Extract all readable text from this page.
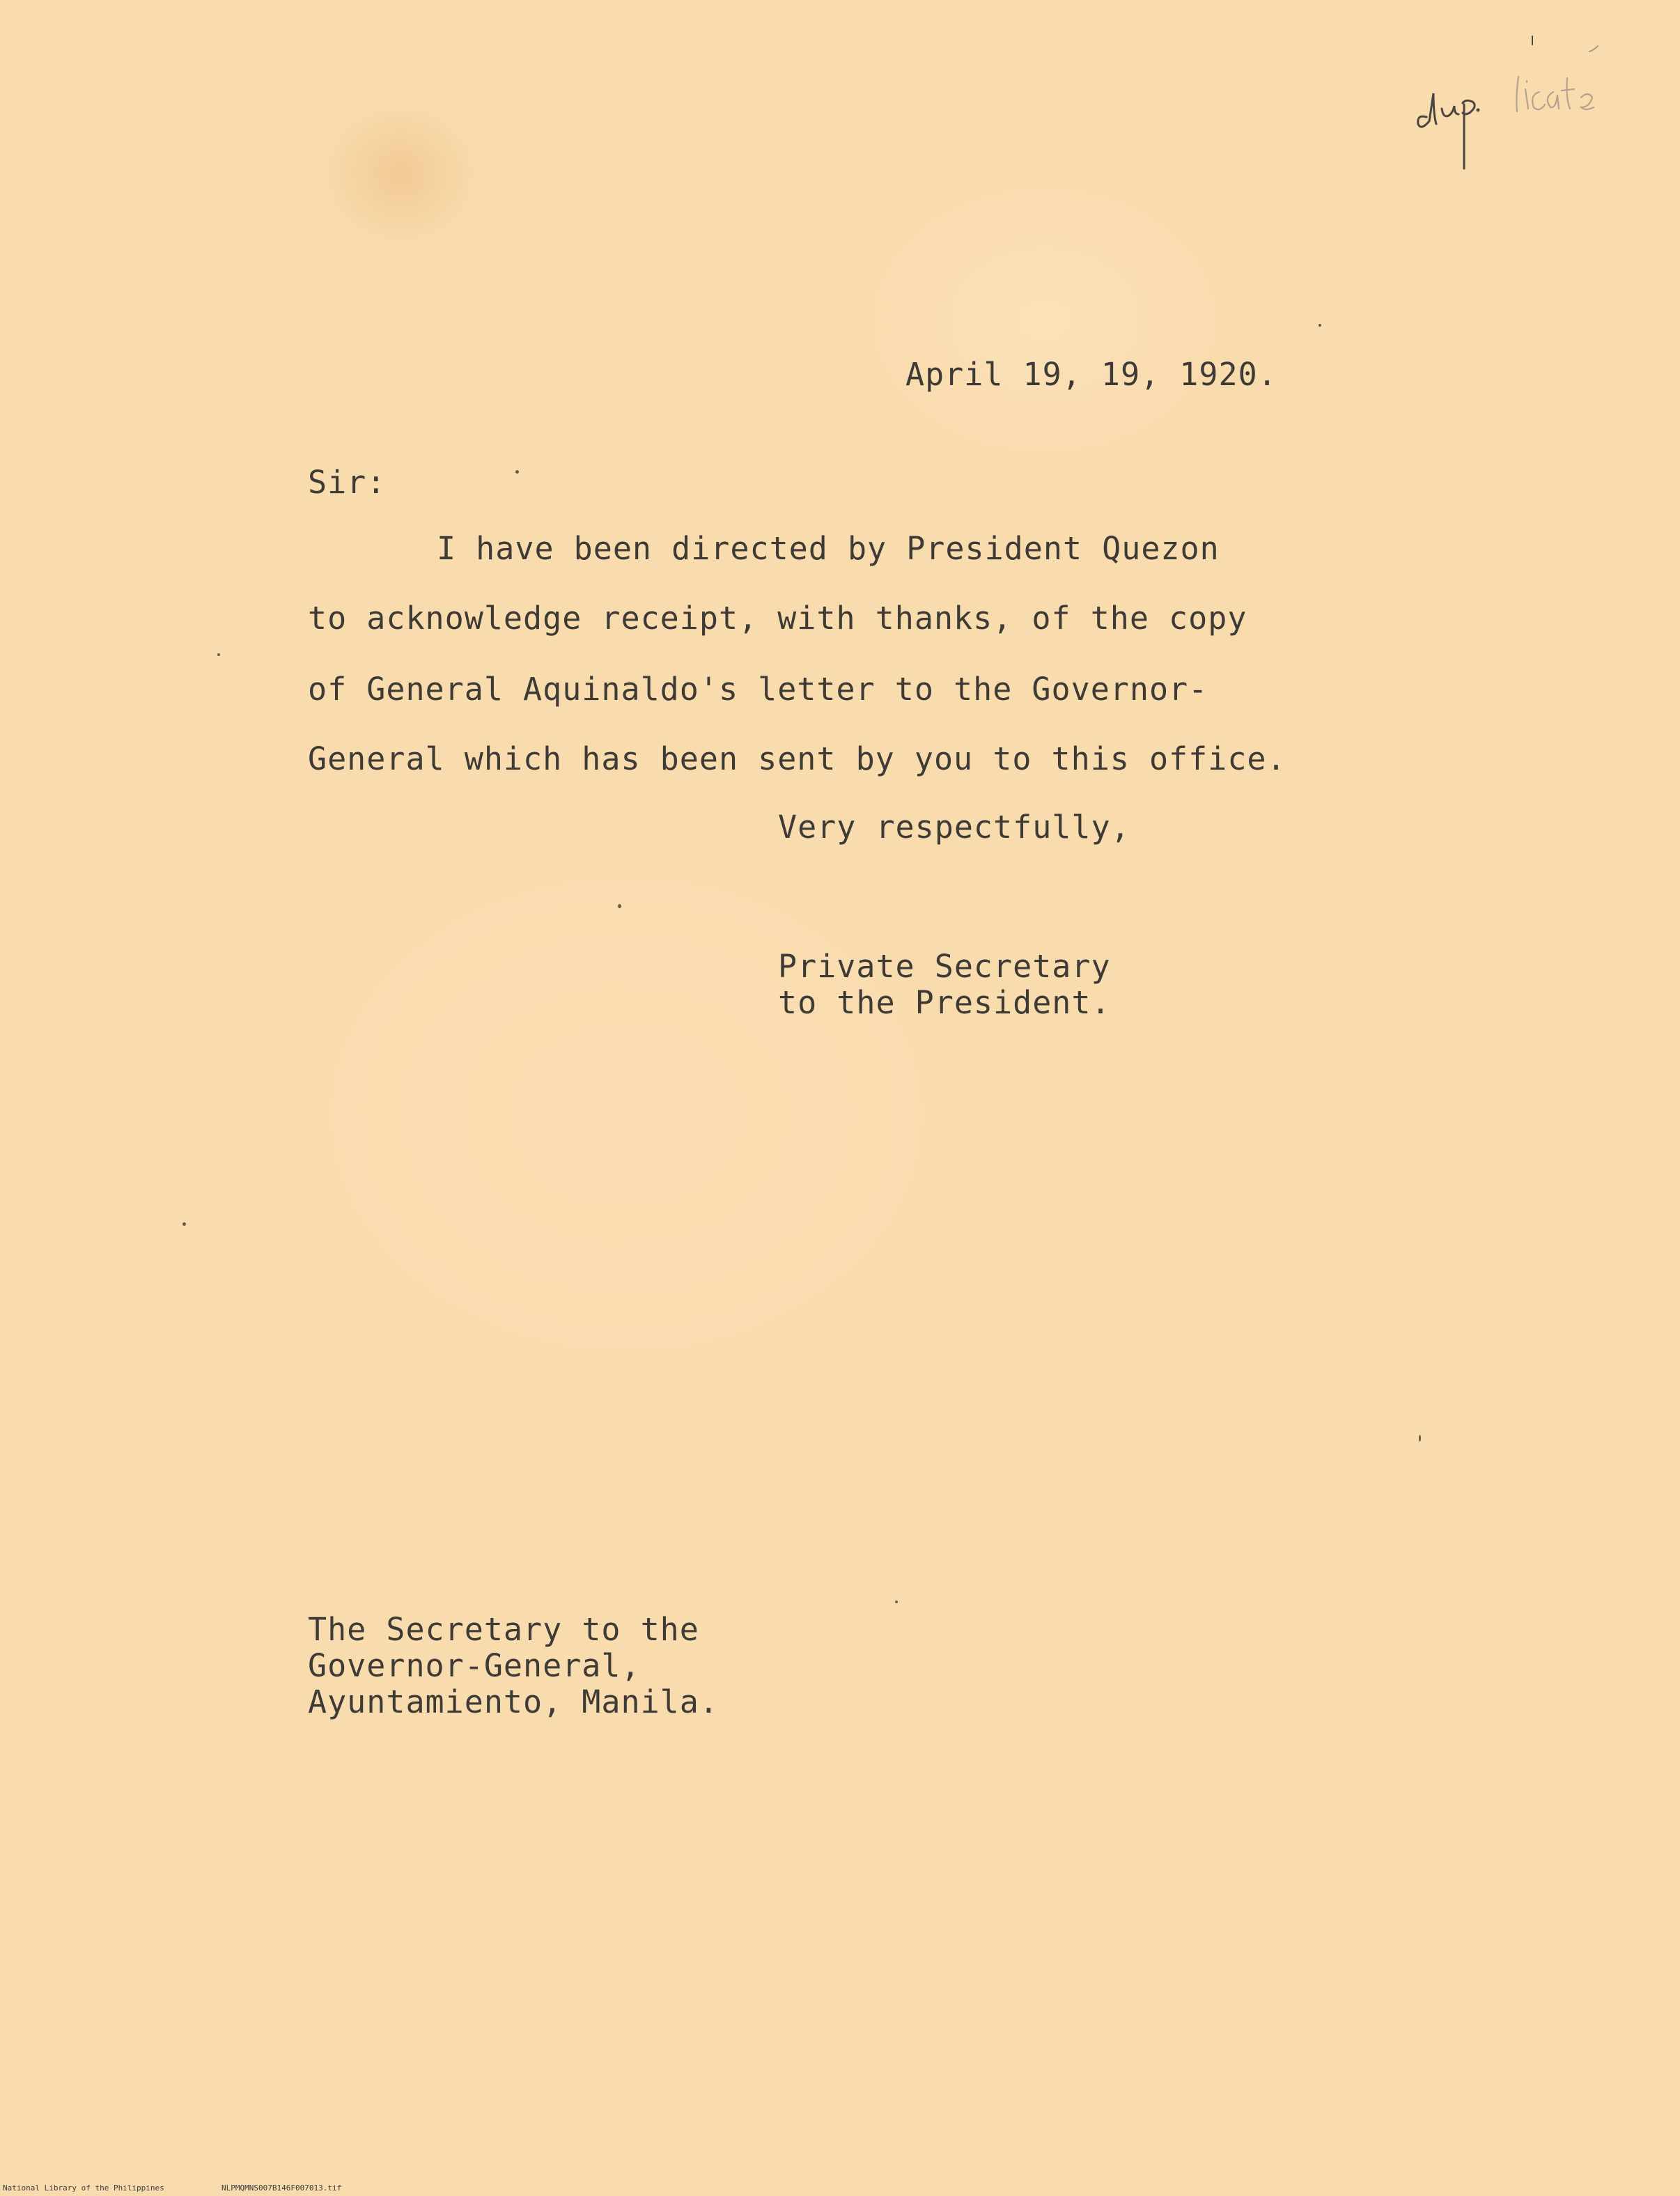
April 19, 19, 1920.
Sir:
I have been directed by President Quezon
to acknowledge receipt, with thanks, of the copy
of General Aquinaldo's letter to the Governor-
General which has been sent by you to this office.
Very respectfully,
Private Secretary
to the President.
The Secretary to the
Governor-General,
Ayuntamiento, Manila.
National Library of the Philippines	NLPMQMNS007B146F007013.tif
